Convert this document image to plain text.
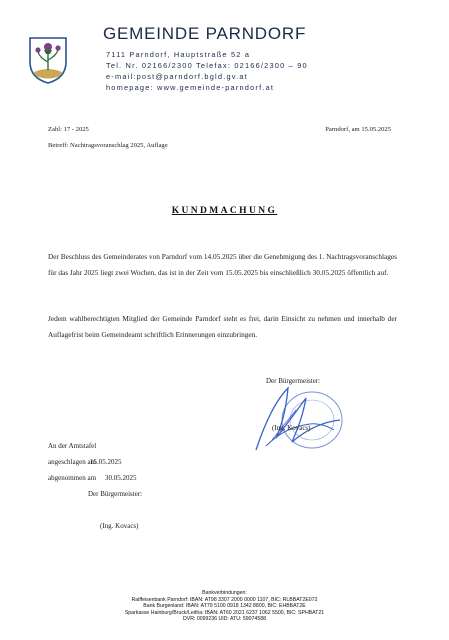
GEMEINDE PARNDORF
7111 Parndorf, Hauptstraße 52 a
Tel. Nr. 02166/2300 Telefax: 02166/2300 – 90
e-mail:post@parndorf.bgld.gv.at
homepage: www.gemeinde-parndorf.at
Zahl: 17 - 2025	Parndorf, am 15.05.2025
Betreff: Nachtragsvoranschlag 2025, Auflage
KUNDMACHUNG
Der Beschluss des Gemeinderates von Parndorf vom 14.05.2025 über die Genehmigung des 1. Nachtragsvoranschlages für das Jahr 2025 liegt zwei Wochen, das ist in der Zeit vom 15.05.2025 bis einschließlich 30.05.2025 öffentlich auf.
Jedem wahlberechtigten Mitglied der Gemeinde Parndorf steht es frei, darin Einsicht zu nehmen und innerhalb der Auflagefrist beim Gemeindeamt schriftlich Erinnerungen einzubringen.
Der Bürgermeister:
(Ing. Kovacs)
An der Amtstafel
angeschlagen am
15.05.2025
abgenommen am 30.05.2025
Der Bürgermeister:
(Ing. Kovacs)
Bankverbindungen:
Raiffeisenbank Parndorf: IBAN: AT98 3307 2000 0000 1107, BIC: RLBBAT2E072
Bank Burgenland: IBAN: AT79 5100 0918 1342 8800, BIC: EHBBAT2E
Sparkasse Hainburg/Bruck/Leitha: IBAN: AT60 2021 6237 1062 5500, BIC: SPHBAT21
DVR: 0099236 UID: ATU: 59074588
